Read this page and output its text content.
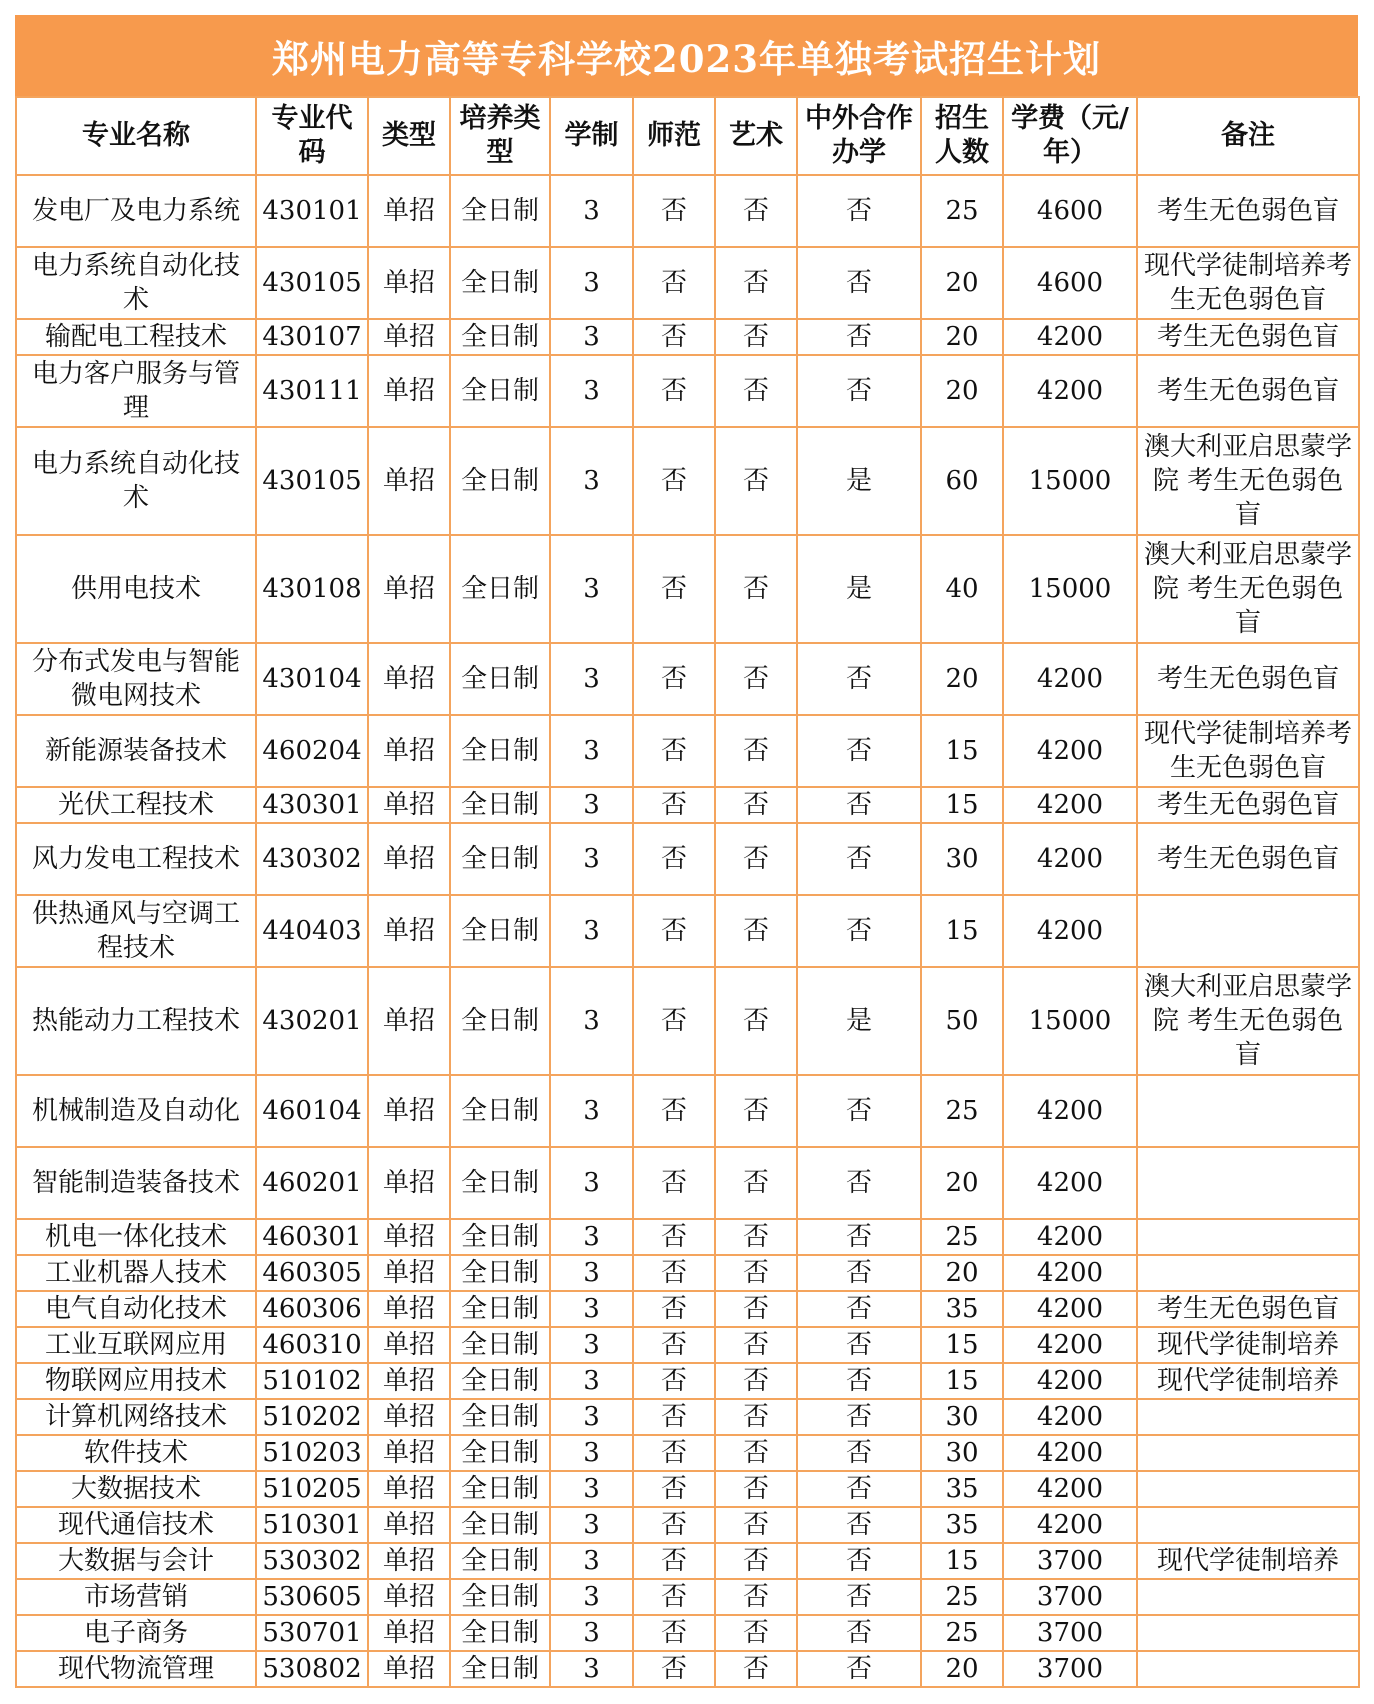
郑州电力高等专科学校2023年单独考试招生计划
专业名称	专业代码	类型	培养类型	学制	师范	艺术	中外合作办学	招生人数	学费（元/年）	备注
发电厂及电力系统	430101	单招	全日制	3	否	否	否	25	4600	考生无色弱色盲
电力系统自动化技术	430105	单招	全日制	3	否	否	否	20	4600	现代学徒制培养考生无色弱色盲
输配电工程技术	430107	单招	全日制	3	否	否	否	20	4200	考生无色弱色盲
电力客户服务与管理	430111	单招	全日制	3	否	否	否	20	4200	考生无色弱色盲
电力系统自动化技术	430105	单招	全日制	3	否	否	是	60	15000	澳大利亚启思蒙学院 考生无色弱色盲
供用电技术	430108	单招	全日制	3	否	否	是	40	15000	澳大利亚启思蒙学院 考生无色弱色盲
分布式发电与智能微电网技术	430104	单招	全日制	3	否	否	否	20	4200	考生无色弱色盲
新能源装备技术	460204	单招	全日制	3	否	否	否	15	4200	现代学徒制培养考生无色弱色盲
光伏工程技术	430301	单招	全日制	3	否	否	否	15	4200	考生无色弱色盲
风力发电工程技术	430302	单招	全日制	3	否	否	否	30	4200	考生无色弱色盲
供热通风与空调工程技术	440403	单招	全日制	3	否	否	否	15	4200	
热能动力工程技术	430201	单招	全日制	3	否	否	是	50	15000	澳大利亚启思蒙学院 考生无色弱色盲
机械制造及自动化	460104	单招	全日制	3	否	否	否	25	4200	
智能制造装备技术	460201	单招	全日制	3	否	否	否	20	4200	
机电一体化技术	460301	单招	全日制	3	否	否	否	25	4200	
工业机器人技术	460305	单招	全日制	3	否	否	否	20	4200	
电气自动化技术	460306	单招	全日制	3	否	否	否	35	4200	考生无色弱色盲
工业互联网应用	460310	单招	全日制	3	否	否	否	15	4200	现代学徒制培养
物联网应用技术	510102	单招	全日制	3	否	否	否	15	4200	现代学徒制培养
计算机网络技术	510202	单招	全日制	3	否	否	否	30	4200	
软件技术	510203	单招	全日制	3	否	否	否	30	4200	
大数据技术	510205	单招	全日制	3	否	否	否	35	4200	
现代通信技术	510301	单招	全日制	3	否	否	否	35	4200	
大数据与会计	530302	单招	全日制	3	否	否	否	15	3700	现代学徒制培养
市场营销	530605	单招	全日制	3	否	否	否	25	3700	
电子商务	530701	单招	全日制	3	否	否	否	25	3700	
现代物流管理	530802	单招	全日制	3	否	否	否	20	3700	
